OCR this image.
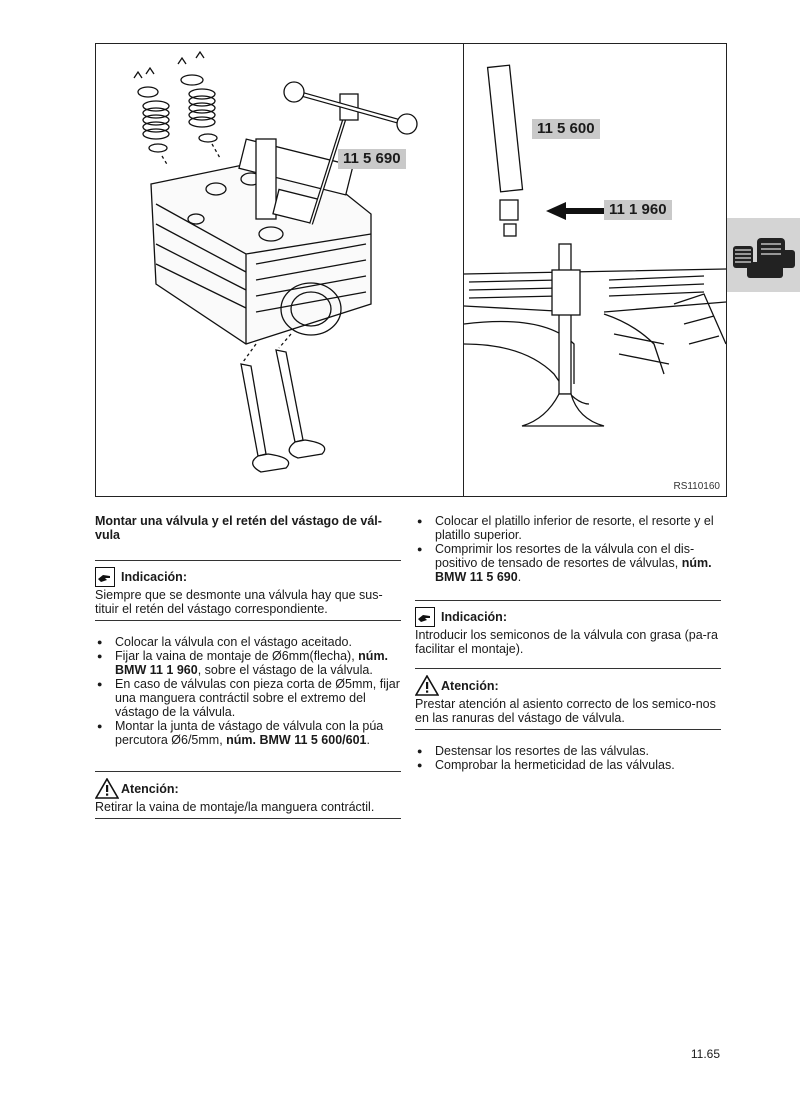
11 5 690
11 5 600
11 1 960
RS110160
Montar una válvula y el retén del vástago de vál-vula
Indicación:
Siempre que se desmonte una válvula hay que sus-tituir el retén del vástago correspondiente.
● Colocar la válvula con el vástago aceitado.
● Fijar la vaina de montaje de Ø6mm(flecha), núm. BMW 11 1 960, sobre el vástago de la válvula.
● En caso de válvulas con pieza corta de Ø5mm, fijar una manguera contráctil sobre el extremo del vástago de la válvula.
● Montar la junta de vástago de válvula con la púa percutora Ø6/5mm, núm. BMW 11 5 600/601.
Atención:
Retirar la vaina de montaje/la manguera contráctil.
● Colocar el platillo inferior de resorte, el resorte y el platillo superior.
● Comprimir los resortes de la válvula con el dis-positivo de tensado de resortes de válvulas, núm. BMW 11 5 690.
Indicación:
Introducir los semiconos de la válvula con grasa (pa-ra facilitar el montaje).
Atención:
Prestar atención al asiento correcto de los semico-nos en las ranuras del vástago de válvula.
● Destensar los resortes de las válvulas.
● Comprobar la hermeticidad de las válvulas.
11.65
